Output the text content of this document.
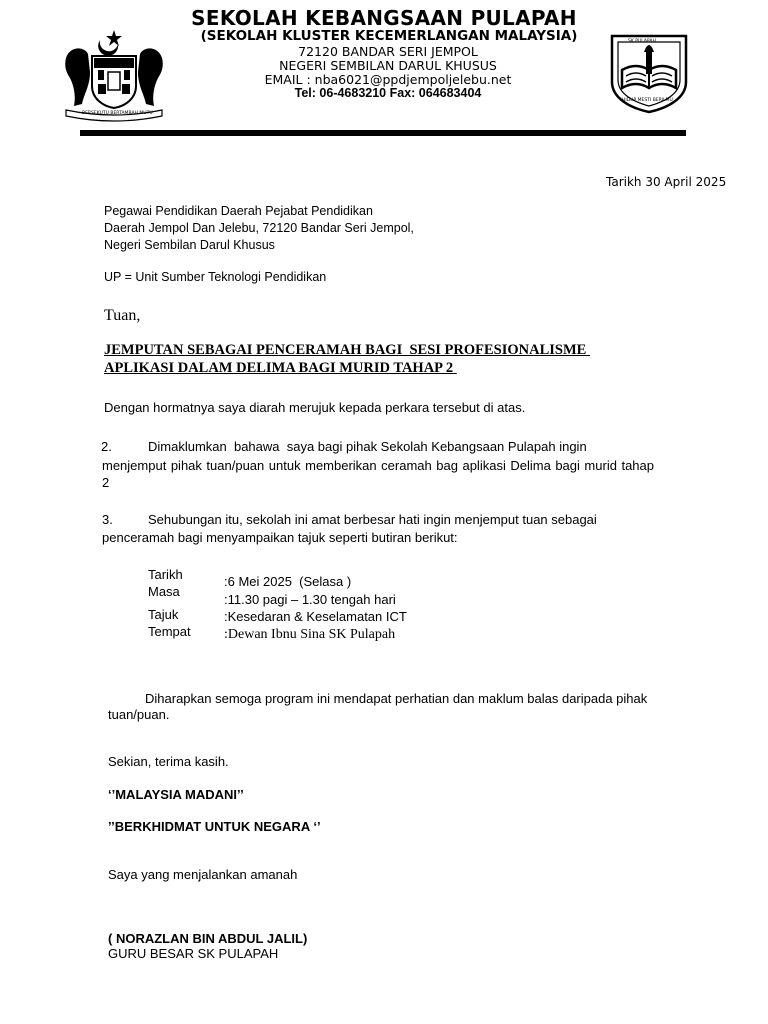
SEKOLAH KEBANGSAAN PULAPAH
(SEKOLAH KLUSTER KECEMERLANGAN MALAYSIA)
72120 BANDAR SERI JEMPOL
NEGERI SEMBILAN DARUL KHUSUS
EMAIL : nba6021@ppdjempoljelebu.net
Tel: 06-4683210 Fax: 064683404
BERSEKUTU BERTAMBAH MUTU
SK PULAPAH
HIDUP MESTI BERILMU
Tarikh 30 April 2025
Pegawai Pendidikan Daerah Pejabat Pendidikan
Daerah Jempol Dan Jelebu, 72120 Bandar Seri Jempol,
Negeri Sembilan Darul Khusus
UP = Unit Sumber Teknologi Pendidikan
Tuan,
JEMPUTAN SEBAGAI PENCERAMAH BAGI  SESI PROFESIONALISME
APLIKASI DALAM DELIMA BAGI MURID TAHAP 2
Dengan hormatnya saya diarah merujuk kepada perkara tersebut di atas.
2.	Dimaklumkan  bahawa  saya bagi pihak Sekolah Kebangsaan Pulapah ingin
menjemput pihak tuan/puan untuk memberikan ceramah bag aplikasi Delima bagi murid tahap 2
3.	Sehubungan itu, sekolah ini amat berbesar hati ingin menjemput tuan sebagai
penceramah bagi menyampaikan tajuk seperti butiran berikut:
Tarikh
Masa
Tajuk
Tempat
:6 Mei 2025  (Selasa )
:11.30 pagi – 1.30 tengah hari
:Kesedaran & Keselamatan ICT
:Dewan Ibnu Sina SK Pulapah
Diharapkan semoga program ini mendapat perhatian dan maklum balas daripada pihak
tuan/puan.
Sekian, terima kasih.
‘’MALAYSIA MADANI’’
’’BERKHIDMAT UNTUK NEGARA ‘’
Saya yang menjalankan amanah
( NORAZLAN BIN ABDUL JALIL)
GURU BESAR SK PULAPAH
